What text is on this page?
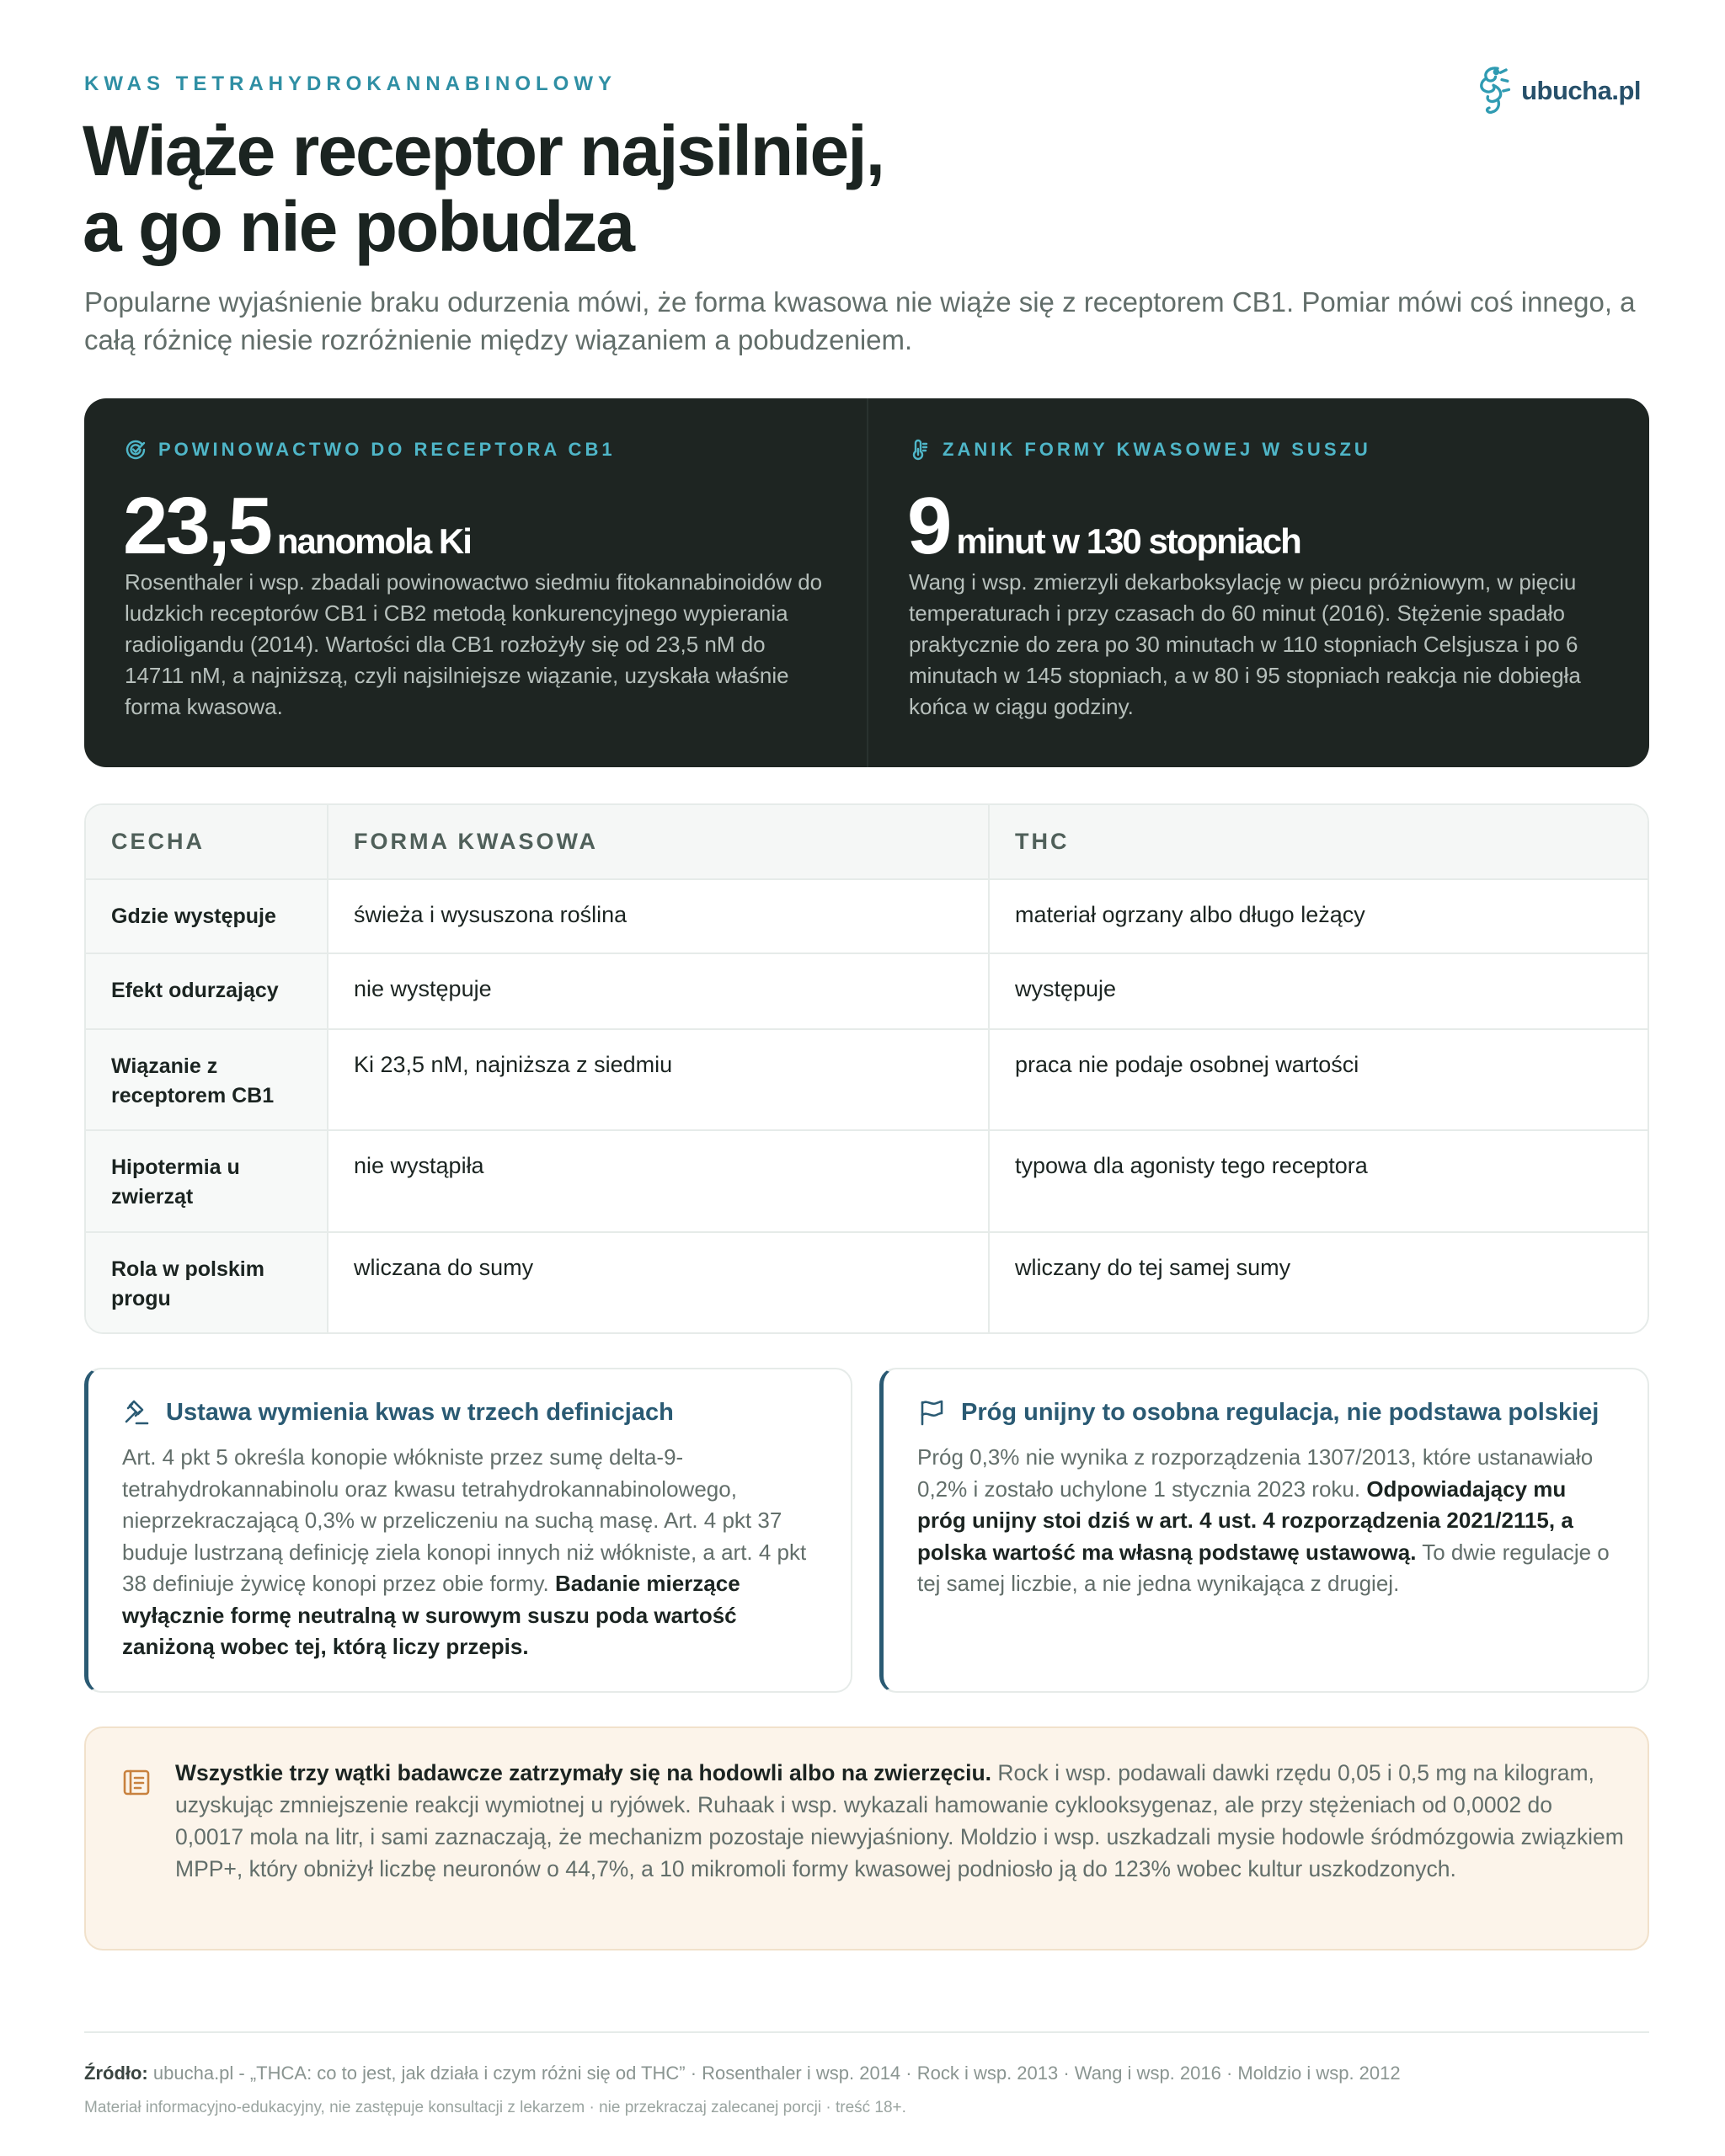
KWAS TETRAHYDROKANNABINOLOWY	ubucha.pl
Wiąże receptor najsilniej,
a go nie pobudza

Popularne wyjaśnienie braku odurzenia mówi, że forma kwasowa nie wiąże się z receptorem CB1. Pomiar mówi coś innego, a całą różnicę niesie rozróżnienie między wiązaniem a pobudzeniem.

POWINOWACTWO DO RECEPTORA CB1
23,5 nanomola Ki

Rosenthaler i wsp. zbadali powinowactwo siedmiu fitokannabinoidów do ludzkich receptorów CB1 i CB2 metodą konkurencyjnego wypierania radioligandu (2014). Wartości dla CB1 rozłożyły się od 23,5 nM do 14711 nM, a najniższą, czyli najsilniejsze wiązanie, uzyskała właśnie forma kwasowa.

ZANIK FORMY KWASOWEJ W SUSZU
9 minut w 130 stopniach

Wang i wsp. zmierzyli dekarboksylację w piecu próżniowym, w pięciu temperaturach i przy czasach do 60 minut (2016). Stężenie spadało praktycznie do zera po 30 minutach w 110 stopniach Celsjusza i po 6 minutach w 145 stopniach, a w 80 i 95 stopniach reakcja nie dobiegła końca w ciągu godziny.

CECHA	FORMA KWASOWA	THC
Gdzie występuje	świeża i wysuszona roślina	materiał ogrzany albo długo leżący
Efekt odurzający	nie występuje	występuje
Wiązanie z receptorem CB1	Ki 23,5 nM, najniższa z siedmiu	praca nie podaje osobnej wartości
Hipotermia u zwierząt	nie wystąpiła	typowa dla agonisty tego receptora
Rola w polskim progu	wliczana do sumy	wliczany do tej samej sumy
Ustawa wymienia kwas w trzech definicjach

Art. 4 pkt 5 określa konopie włókniste przez sumę delta-9-tetrahydrokannabinolu oraz kwasu tetrahydrokannabinolowego, nieprzekraczającą 0,3% w przeliczeniu na suchą masę. Art. 4 pkt 37 buduje lustrzaną definicję ziela konopi innych niż włókniste, a art. 4 pkt 38 definiuje żywicę konopi przez obie formy. Badanie mierzące wyłącznie formę neutralną w surowym suszu poda wartość zaniżoną wobec tej, którą liczy przepis.

Próg unijny to osobna regulacja, nie podstawa polskiej

Próg 0,3% nie wynika z rozporządzenia 1307/2013, które ustanawiało 0,2% i zostało uchylone 1 stycznia 2023 roku. Odpowiadający mu próg unijny stoi dziś w art. 4 ust. 4 rozporządzenia 2021/2115, a polska wartość ma własną podstawę ustawową. To dwie regulacje o tej samej liczbie, a nie jedna wynikająca z drugiej.

Wszystkie trzy wątki badawcze zatrzymały się na hodowli albo na zwierzęciu. Rock i wsp. podawali dawki rzędu 0,05 i 0,5 mg na kilogram, uzyskując zmniejszenie reakcji wymiotnej u ryjówek. Ruhaak i wsp. wykazali hamowanie cyklooksygenaz, ale przy stężeniach od 0,0002 do 0,0017 mola na litr, i sami zaznaczają, że mechanizm pozostaje niewyjaśniony. Moldzio i wsp. uszkadzali mysie hodowle śródmózgowia związkiem MPP+, który obniżył liczbę neuronów o 44,7%, a 10 mikromoli formy kwasowej podniosło ją do 123% wobec kultur uszkodzonych.

Źródło: ubucha.pl - „THCA: co to jest, jak działa i czym różni się od THC” · Rosenthaler i wsp. 2014 · Rock i wsp. 2013 · Wang i wsp. 2016 · Moldzio i wsp. 2012
Materiał informacyjno-edukacyjny, nie zastępuje konsultacji z lekarzem · nie przekraczaj zalecanej porcji · treść 18+.
